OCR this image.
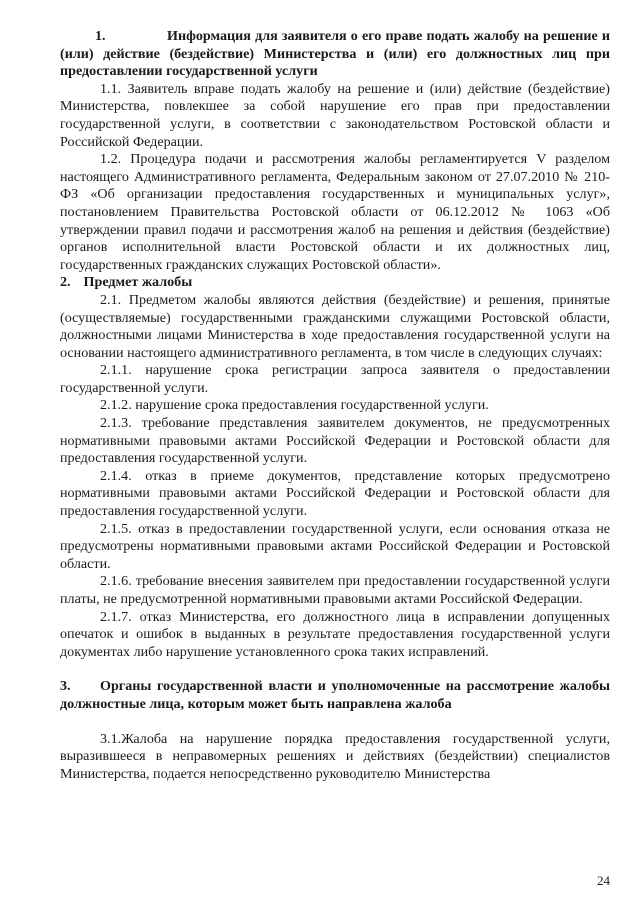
1.	Информация для заявителя о его праве подать жалобу на решение и (или) действие (бездействие) Министерства и (или) его должностных лиц при предоставлении государственной услуги

1.1. Заявитель вправе подать жалобу на решение и (или) действие (бездействие) Министерства, повлекшее за собой нарушение его прав при предоставлении государственной услуги, в соответствии с законодательством Ростовской области и Российской Федерации.

1.2. Процедура подачи и рассмотрения жалобы регламентируется V разделом настоящего Административного регламента, Федеральным законом от 27.07.2010 № 210-ФЗ «Об организации предоставления государственных и муниципальных услуг», постановлением Правительства Ростовской области от 06.12.2012 № 1063 «Об утверждении правил подачи и рассмотрения жалоб на решения и действия (бездействие) органов исполнительной власти Ростовской области и их должностных лиц, государственных гражданских служащих Ростовской области».

2. Предмет жалобы

2.1. Предметом жалобы являются действия (бездействие) и решения, принятые (осуществляемые) государственными гражданскими служащими Ростовской области, должностными лицами Министерства в ходе предоставления государственной услуги на основании настоящего административного регламента, в том числе в следующих случаях:

2.1.1. нарушение срока регистрации запроса заявителя о предоставлении государственной услуги.

2.1.2. нарушение срока предоставления государственной услуги.

2.1.3. требование представления заявителем документов, не предусмотренных нормативными правовыми актами Российской Федерации и Ростовской области для предоставления государственной услуги.

2.1.4. отказ в приеме документов, представление которых предусмотрено нормативными правовыми актами Российской Федерации и Ростовской области для предоставления государственной услуги.

2.1.5. отказ в предоставлении государственной услуги, если основания отказа не предусмотрены нормативными правовыми актами Российской Федерации и Ростовской области.

2.1.6. требование внесения заявителем при предоставлении государственной услуги платы, не предусмотренной нормативными правовыми актами Российской Федерации.

2.1.7. отказ Министерства, его должностного лица в исправлении допущенных опечаток и ошибок в выданных в результате предоставления государственной услуги документах либо нарушение установленного срока таких исправлений.

3. Органы государственной власти и уполномоченные на рассмотрение жалобы должностные лица, которым может быть направлена жалоба

3.1.Жалоба на нарушение порядка предоставления государственной услуги, выразившееся в неправомерных решениях и действиях (бездействии) специалистов Министерства, подается непосредственно руководителю Министерства

24
